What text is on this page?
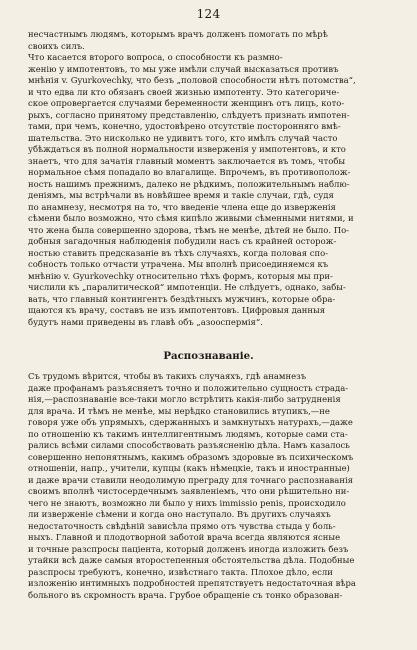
124
несчастнымъ людямъ, которымъ врачъ долженъ помогать по мѣрѣ
своихъ силъ.
Что касается второго вопроса, о способности къ размно-
женію у импотентовъ, то мы уже имѣли случай высказаться противъ
мнѣнія v. Gyurkovechky, что безъ „половой способности нѣтъ потомства“,
и что едва ли кто обязанъ своей жизнью импотенту. Это категориче-
ское опровергается случаями беременности женщинъ отъ лицъ, кото-
рыхъ, согласно принятому представленію, слѣдуетъ признать импотен-
тами, при чемъ, конечно, удостовѣрено отсутствіе посторонняго вмѣ-
шательства. Это нисколько не удивитъ того, кто имѣлъ случай часто
убѣждаться въ полной нормальности изверженія у импотентовъ, и кто
знаетъ, что для зачатія главный моментъ заключается въ томъ, чтобы
нормальное сѣмя попадало во влагалище. Впрочемъ, въ противополож-
ность нашимъ прежнимъ, далеко не рѣдкимъ, положительнымъ наблю-
деніямъ, мы встрѣчали въ новѣйшее время и такіе случаи, гдѣ, судя
по анамнезу, несмотря на то, что введеніе члена еще до изверженія
сѣмени было возможно, что сѣмя кипѣло живыми сѣменными нитями, и
что жена была совершенно здорова, тѣмъ не менѣе, дѣтей не было. По-
добныя загадочныя наблюденія побудили насъ съ крайней осторож-
ностью ставить предсказаніе въ тѣхъ случаяхъ, когда половая спо-
собность только отчасти утрачена. Мы вполнѣ присоединяемся къ
мнѣнію v. Gyurkovechky относительно тѣхъ формъ, которыя мы при-
числили къ „паралитической“ импотенціи. Не слѣдуетъ, однако, забы-
вать, что главный контингентъ бездѣтныхъ мужчинъ, которые обра-
щаются къ врачу, составъ не изъ импотентовъ. Цифровыя данныя
будутъ нами приведены въ главѣ объ „азооспермія“.
Распознаваніе.
Съ трудомъ вѣрится, чтобы въ такихъ случаяхъ, гдѣ анамнезъ
даже профанамъ разъясняетъ точно и положительно сущность страда-
нія,—распознаваніе все-таки могло встрѣтить какія-либо затрудненія
для врача. И тѣмъ не менѣе, мы нерѣдко становились втупикъ,—не
говоря уже объ упрямыхъ, сдержанныхъ и замкнутыхъ натурахъ,—даже
по отношенію къ такимъ интеллигентнымъ людямъ, которые сами ста-
рались всѣми силами способствовать разъясненію дѣла. Намъ казалось
совершенно непонятнымъ, какимъ образомъ здоровые въ психическомъ
отношеніи, напр., учители, купцы (какъ нѣмецкіе, такъ и иностранные)
и даже врачи ставили неодолимую преграду для точнаго распознаванія
своимъ вполнѣ чистосердечнымъ заявленіемъ, что они рѣшительно ни-
чего не знаютъ, возможно ли было у нихъ immissio penis, происходило
ли изверженіе сѣмени и когда оно наступало. Въ другихъ случаяхъ
недостаточность свѣдѣній зависѣла прямо отъ чувства стыда у боль-
ныхъ. Главной и плодотворной заботой врача всегда являются ясные
и точные разспросы паціента, который долженъ иногда изложить безъ
утайки всѣ даже самыя второстепенныя обстоятельства дѣла. Подобные
разспросы требуютъ, конечно, извѣстнаго такта. Плохое дѣло, если
изложенію интимныхъ подробностей препятствуетъ недостаточная вѣра
больного въ скромность врача. Грубое обращеніе съ тонко образован-
